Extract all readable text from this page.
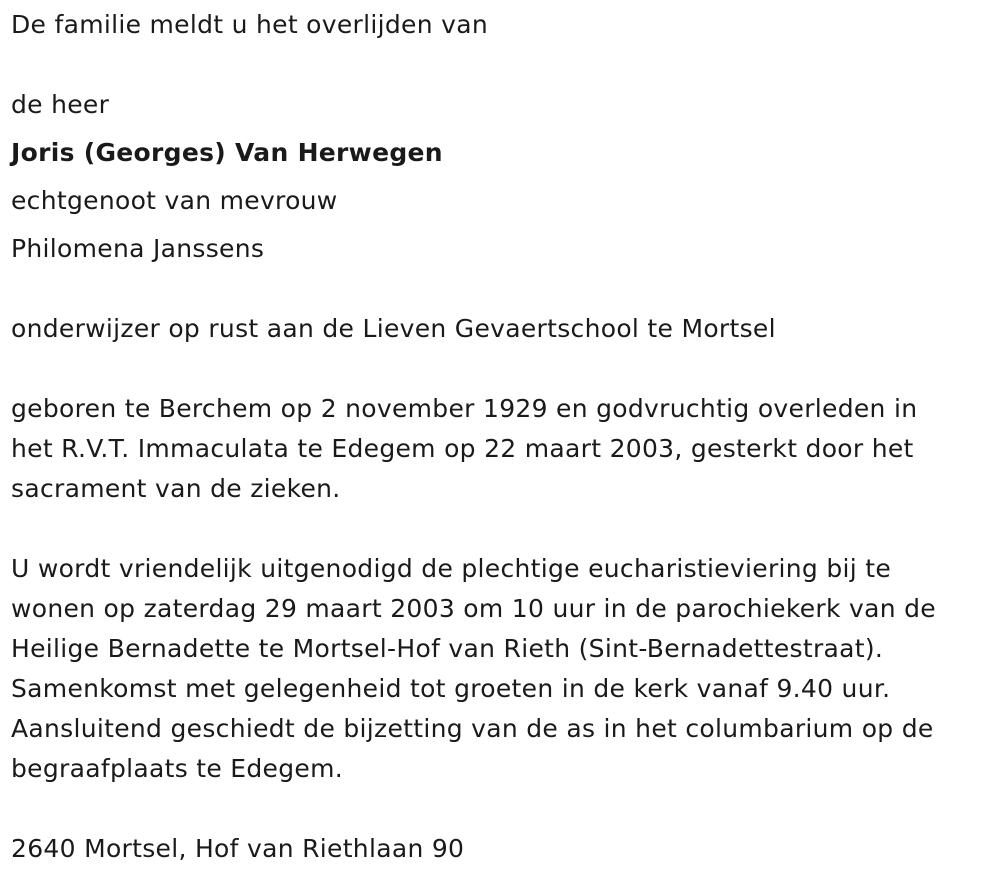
De familie meldt u het overlijden van
de heer
Joris (Georges) Van Herwegen
echtgenoot van mevrouw
Philomena Janssens
onderwijzer op rust aan de Lieven Gevaertschool te Mortsel
geboren te Berchem op 2 november 1929 en godvruchtig overleden in
het R.V.T. Immaculata te Edegem op 22 maart 2003, gesterkt door het
sacrament van de zieken.
U wordt vriendelijk uitgenodigd de plechtige eucharistieviering bij te
wonen op zaterdag 29 maart 2003 om 10 uur in de parochiekerk van de
Heilige Bernadette te Mortsel-Hof van Rieth (Sint-Bernadettestraat).
Samenkomst met gelegenheid tot groeten in de kerk vanaf 9.40 uur.
Aansluitend geschiedt de bijzetting van de as in het columbarium op de
begraafplaats te Edegem.
2640 Mortsel, Hof van Riethlaan 90
